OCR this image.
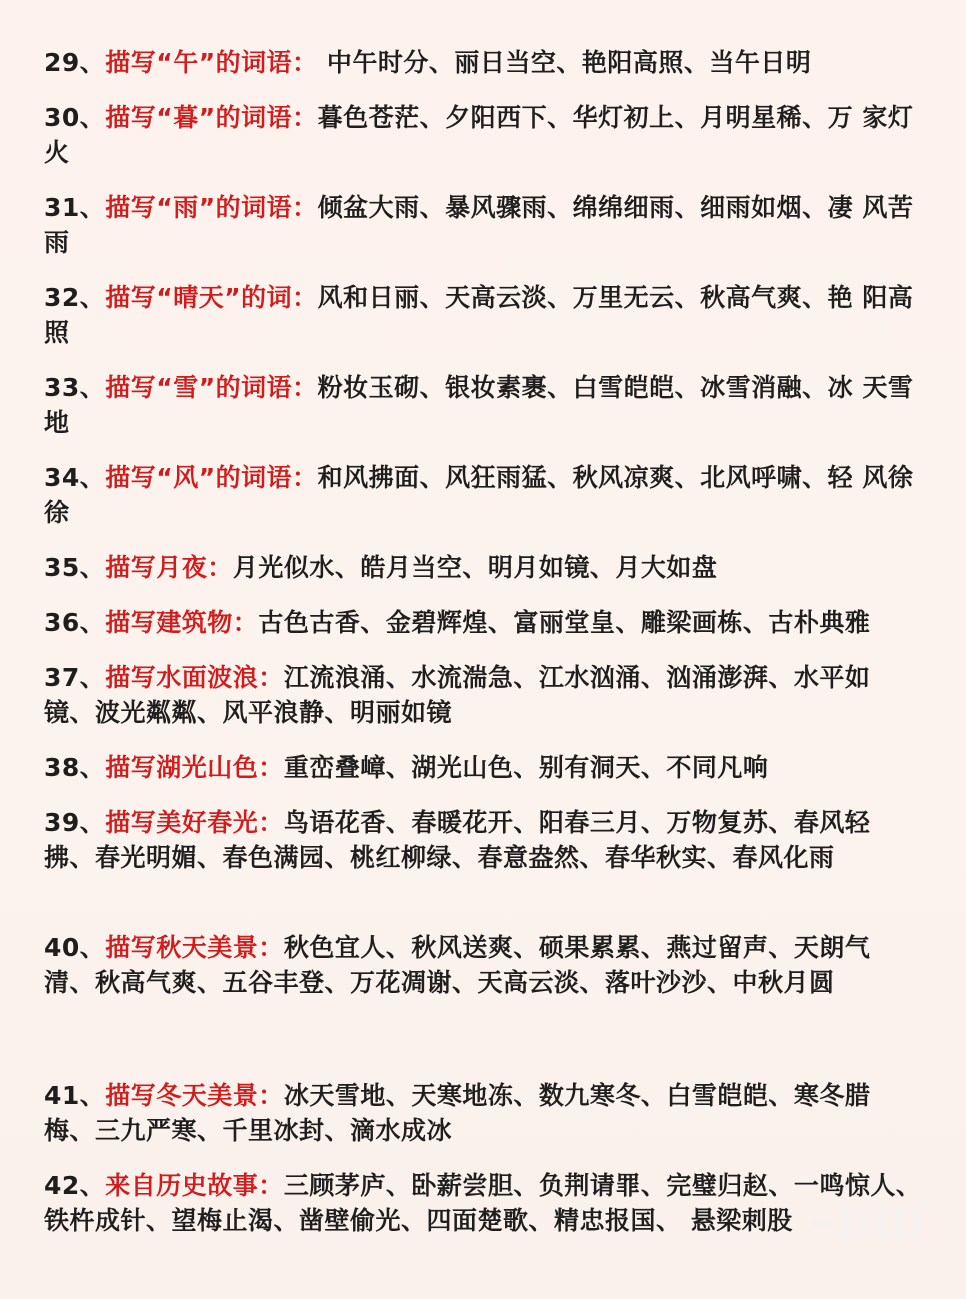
29、描写“午”的词语： 中午时分、丽日当空、艳阳高照、当午日明
30、描写“暮”的词语：暮色苍茫、夕阳西下、华灯初上、月明星稀、万 家灯火
31、描写“雨”的词语：倾盆大雨、暴风骤雨、绵绵细雨、细雨如烟、凄 风苦雨
32、描写“晴天”的词：风和日丽、天高云淡、万里无云、秋高气爽、艳 阳高照
33、描写“雪”的词语：粉妆玉砌、银妆素裹、白雪皑皑、冰雪消融、冰 天雪地
34、描写“风”的词语：和风拂面、风狂雨猛、秋风凉爽、北风呼啸、轻 风徐徐
35、描写月夜：月光似水、皓月当空、明月如镜、月大如盘
36、描写建筑物：古色古香、金碧辉煌、富丽堂皇、雕梁画栋、古朴典雅
37、描写水面波浪：江流浪涌、水流湍急、江水汹涌、汹涌澎湃、水平如 镜、波光粼粼、风平浪静、明丽如镜
38、描写湖光山色：重峦叠嶂、湖光山色、别有洞天、不同凡响
39、描写美好春光：鸟语花香、春暖花开、阳春三月、万物复苏、春风轻 拂、春光明媚、春色满园、桃红柳绿、春意盎然、春华秋实、春风化雨
40、描写秋天美景：秋色宜人、秋风送爽、硕果累累、燕过留声、天朗气 清、秋高气爽、五谷丰登、万花凋谢、天高云淡、落叶沙沙、中秋月圆
41、描写冬天美景：冰天雪地、天寒地冻、数九寒冬、白雪皑皑、寒冬腊 梅、三九严寒、千里冰封、滴水成冰
42、来自历史故事：三顾茅庐、卧薪尝胆、负荆请罪、完璧归赵、一鸣惊人、铁杵成针、望梅止渴、凿壁偷光、四面楚歌、精忠报国、 悬梁刺股
